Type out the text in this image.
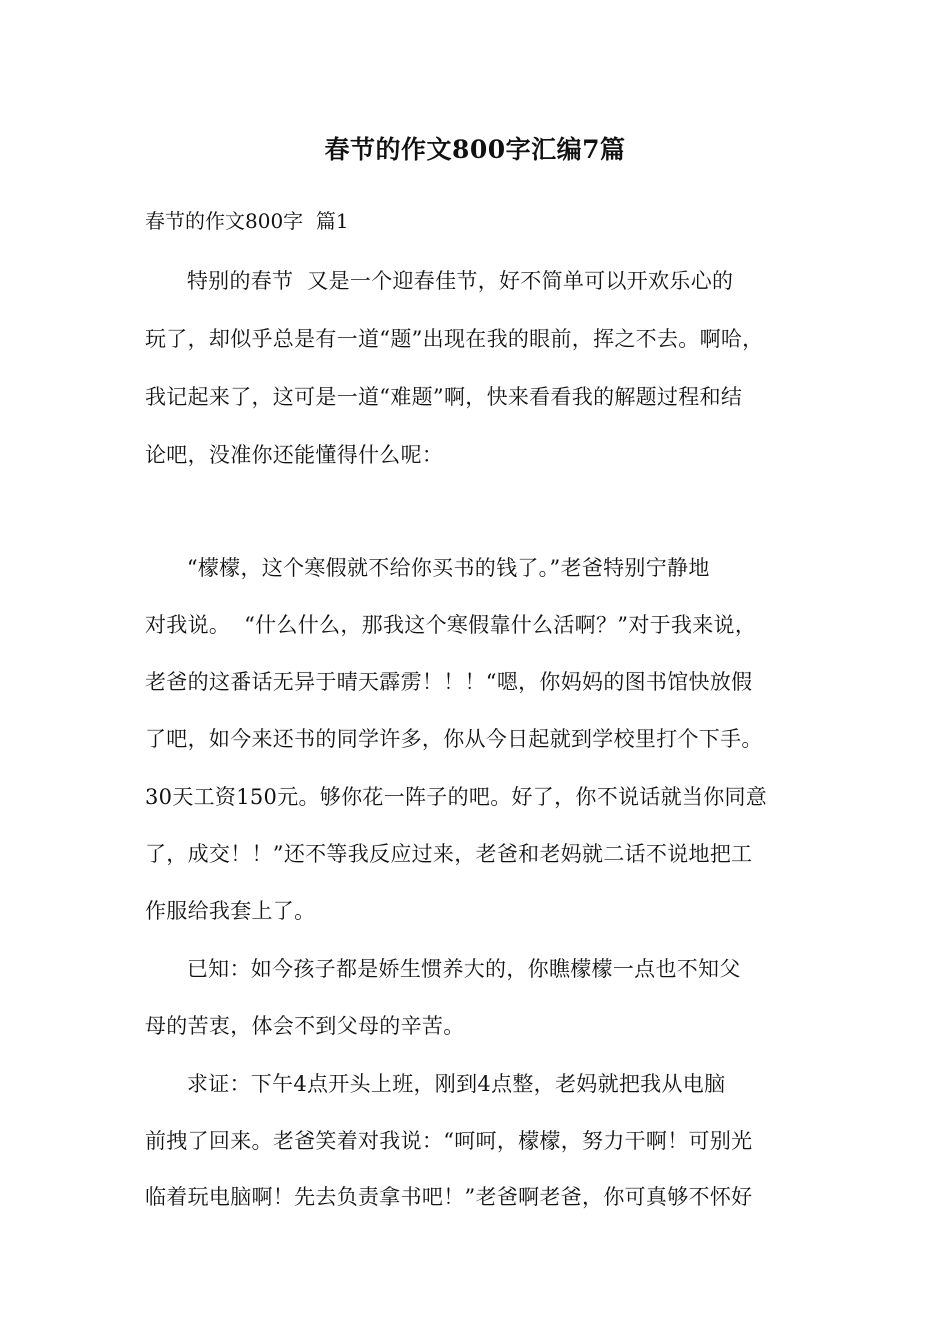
春节的作文800字汇编7篇
春节的作文800字  篇1
特别的春节  又是一个迎春佳节，好不简单可以开欢乐心的
玩了，却似乎总是有一道“题”出现在我的眼前，挥之不去。啊哈，
我记起来了，这可是一道“难题”啊，快来看看我的解题过程和结
论吧，没准你还能懂得什么呢：
“檬檬，这个寒假就不给你买书的钱了。”老爸特别宁静地
对我说。  “什么什么，那我这个寒假靠什么活啊？”对于我来说，
老爸的这番话无异于晴天霹雳！！！“嗯，你妈妈的图书馆快放假
了吧，如今来还书的同学许多，你从今日起就到学校里打个下手。
30天工资150元。够你花一阵子的吧。好了，你不说话就当你同意
了，成交！！”还不等我反应过来，老爸和老妈就二话不说地把工
作服给我套上了。
已知：如今孩子都是娇生惯养大的，你瞧檬檬一点也不知父
母的苦衷，体会不到父母的辛苦。
求证：下午4点开头上班，刚到4点整，老妈就把我从电脑
前拽了回来。老爸笑着对我说：“呵呵，檬檬，努力干啊！可别光
临着玩电脑啊！先去负责拿书吧！”老爸啊老爸，你可真够不怀好
